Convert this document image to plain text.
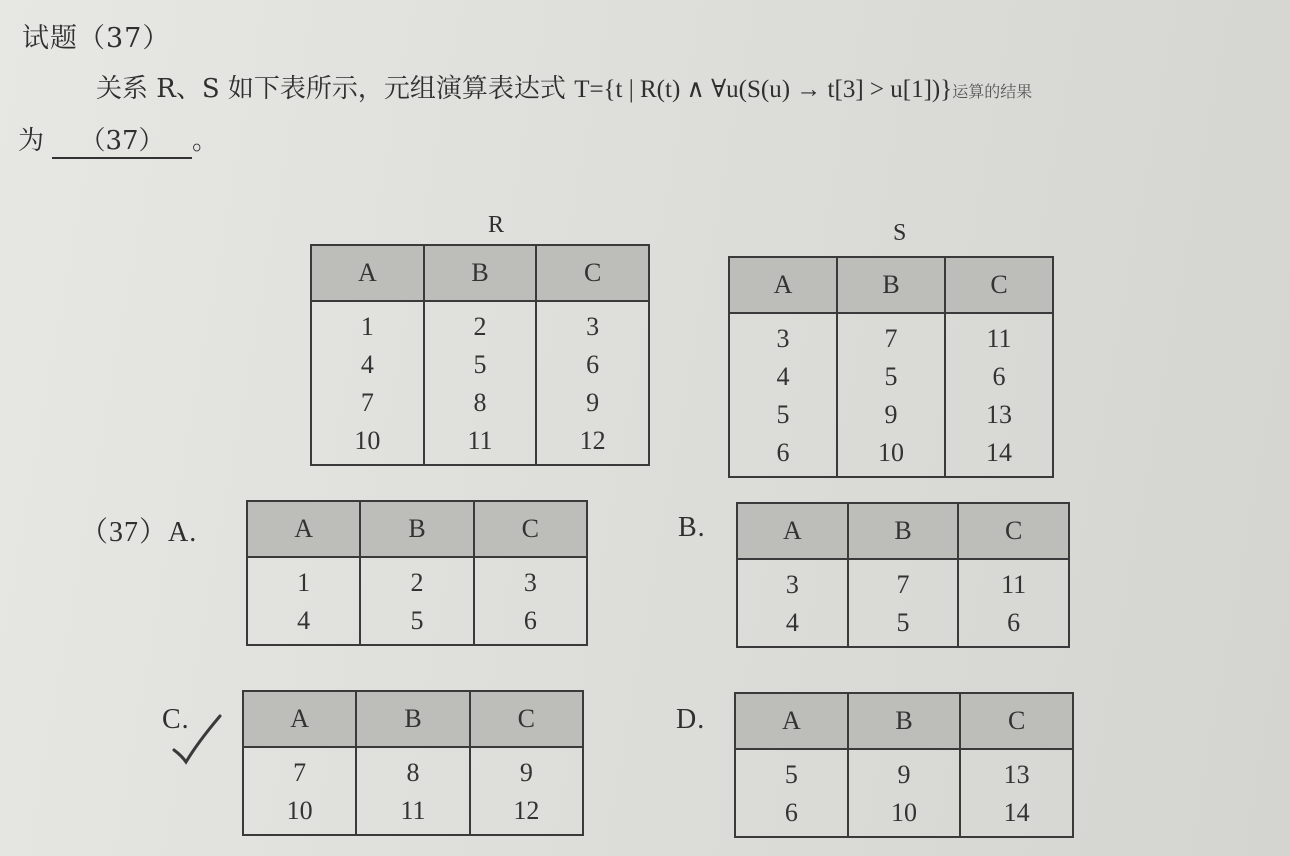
试题（37）
关系 R、S 如下表所示，元组演算表达式 T={t | R(t) ∧ ∀u(S(u) → t[3] > u[1])}运算的结果
为 （37） 。
R
A	B	C
1	2	3
4	5	6
7	8	9
10	11	12
S
A	B	C
3	7	11
4	5	6
5	9	13
6	10	14
（37）A.	A	B	C
1	2	3
4	5	6
B.	A	B	C
3	7	11
4	5	6
C.	A	B	C
7	8	9
10	11	12
D.	A	B	C
5	9	13
6	10	14
